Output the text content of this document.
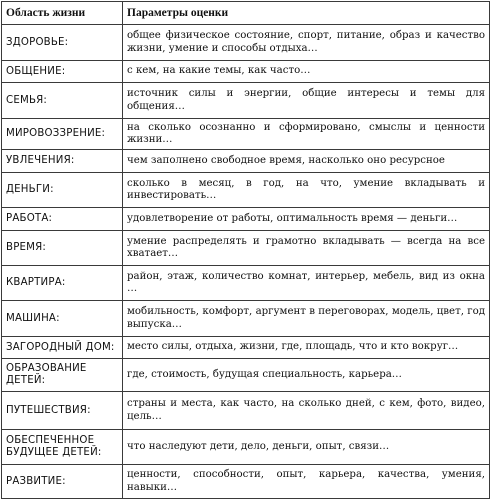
Область жизни	Параметры оценки
ЗДОРОВЬЕ:	общее физическое состояние, спорт, питание, образ и качество жизни, умение и способы отдыха…
ОБЩЕНИЕ:	с кем, на какие темы, как часто…
СЕМЬЯ:	источник силы и энергии, общие интересы и темы для общения…
МИРОВОЗЗРЕНИЕ:	на сколько осознанно и сформировано, смыслы и ценности жизни…
УВЛЕЧЕНИЯ:	чем заполнено свободное время, насколько оно ресурсное
ДЕНЬГИ:	сколько в месяц, в год, на что, умение вкладывать и инвестировать…
РАБОТА:	удовлетворение от работы, оптимальность время — деньги…
ВРЕМЯ:	умение распределять и грамотно вкладывать — всегда на все хватает…
КВАРТИРА:	район, этаж, количество комнат, интерьер, мебель, вид из окна …
МАШИНА:	мобильность, комфорт, аргумент в переговорах, модель, цвет, год выпуска…
ЗАГОРОДНЫЙ ДОМ:	место силы, отдыха, жизни, где, площадь, что и кто вокруг…
ОБРАЗОВАНИЕ ДЕТЕЙ:	где, стоимость, будущая специальность, карьера…
ПУТЕШЕСТВИЯ:	страны и места, как часто, на сколько дней, с кем, фото, видео, цель…
ОБЕСПЕЧЕННОЕ БУДУЩЕЕ ДЕТЕЙ:	что наследуют дети, дело, деньги, опыт, связи…
РАЗВИТИЕ:	ценности, способности, опыт, карьера, качества, умения, навыки…
